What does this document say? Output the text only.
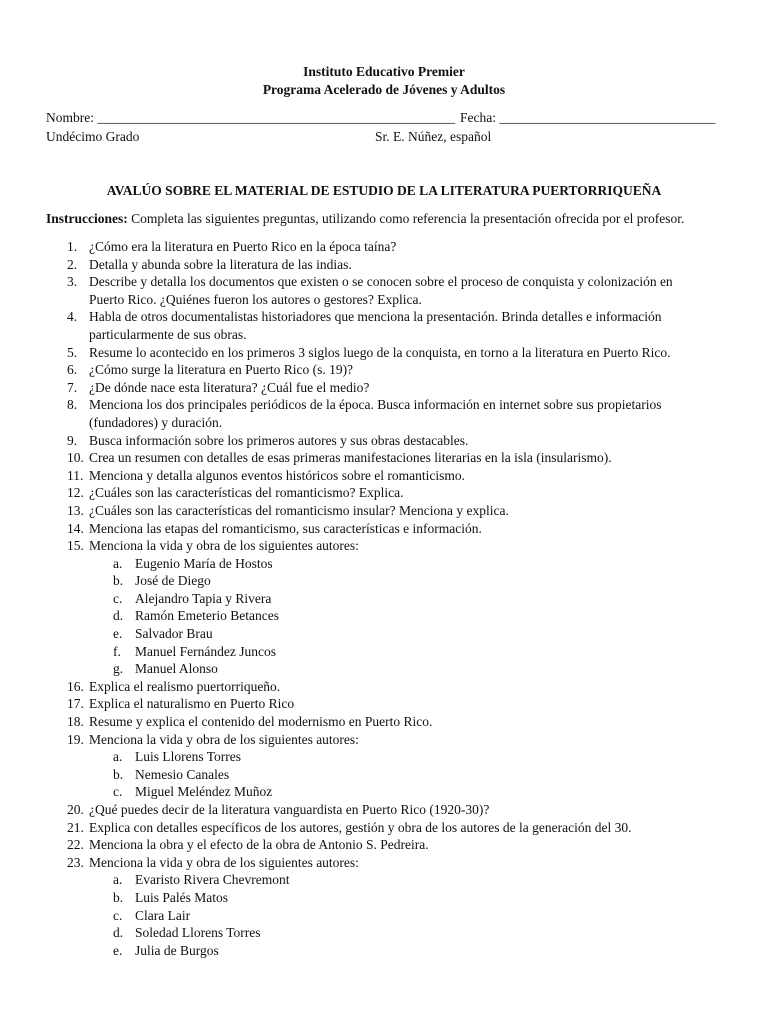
Instituto Educativo Premier
Programa Acelerado de Jóvenes y Adultos
Nombre: _____________________________________________________ Fecha: ________________________________
Undécimo Grado	Sr. E. Núñez, español
AVALÚO SOBRE EL MATERIAL DE ESTUDIO DE LA LITERATURA PUERTORRIQUEÑA
Instrucciones: Completa las siguientes preguntas, utilizando como referencia la presentación ofrecida por el profesor.
1. ¿Cómo era la literatura en Puerto Rico en la época taína?
2. Detalla y abunda sobre la literatura de las indias.
3. Describe y detalla los documentos que existen o se conocen sobre el proceso de conquista y colonización en Puerto Rico. ¿Quiénes fueron los autores o gestores? Explica.
4. Habla de otros documentalistas historiadores que menciona la presentación. Brinda detalles e información particularmente de sus obras.
5. Resume lo acontecido en los primeros 3 siglos luego de la conquista, en torno a la literatura en Puerto Rico.
6. ¿Cómo surge la literatura en Puerto Rico (s. 19)?
7. ¿De dónde nace esta literatura? ¿Cuál fue el medio?
8. Menciona los dos principales periódicos de la época. Busca información en internet sobre sus propietarios (fundadores) y duración.
9. Busca información sobre los primeros autores y sus obras destacables.
10. Crea un resumen con detalles de esas primeras manifestaciones literarias en la isla (insularismo).
11. Menciona y detalla algunos eventos históricos sobre el romanticismo.
12. ¿Cuáles son las características del romanticismo? Explica.
13. ¿Cuáles son las características del romanticismo insular? Menciona y explica.
14. Menciona las etapas del romanticismo, sus características e información.
15. Menciona la vida y obra de los siguientes autores:
a. Eugenio María de Hostos
b. José de Diego
c. Alejandro Tapia y Rivera
d. Ramón Emeterio Betances
e. Salvador Brau
f. Manuel Fernández Juncos
g. Manuel Alonso
16. Explica el realismo puertorriqueño.
17. Explica el naturalismo en Puerto Rico
18. Resume y explica el contenido del modernismo en Puerto Rico.
19. Menciona la vida y obra de los siguientes autores:
a. Luis Llorens Torres
b. Nemesio Canales
c. Miguel Meléndez Muñoz
20. ¿Qué puedes decir de la literatura vanguardista en Puerto Rico (1920-30)?
21. Explica con detalles específicos de los autores, gestión y obra de los autores de la generación del 30.
22. Menciona la obra y el efecto de la obra de Antonio S. Pedreira.
23. Menciona la vida y obra de los siguientes autores:
a. Evaristo Rivera Chevremont
b. Luis Palés Matos
c. Clara Lair
d. Soledad Llorens Torres
e. Julia de Burgos
